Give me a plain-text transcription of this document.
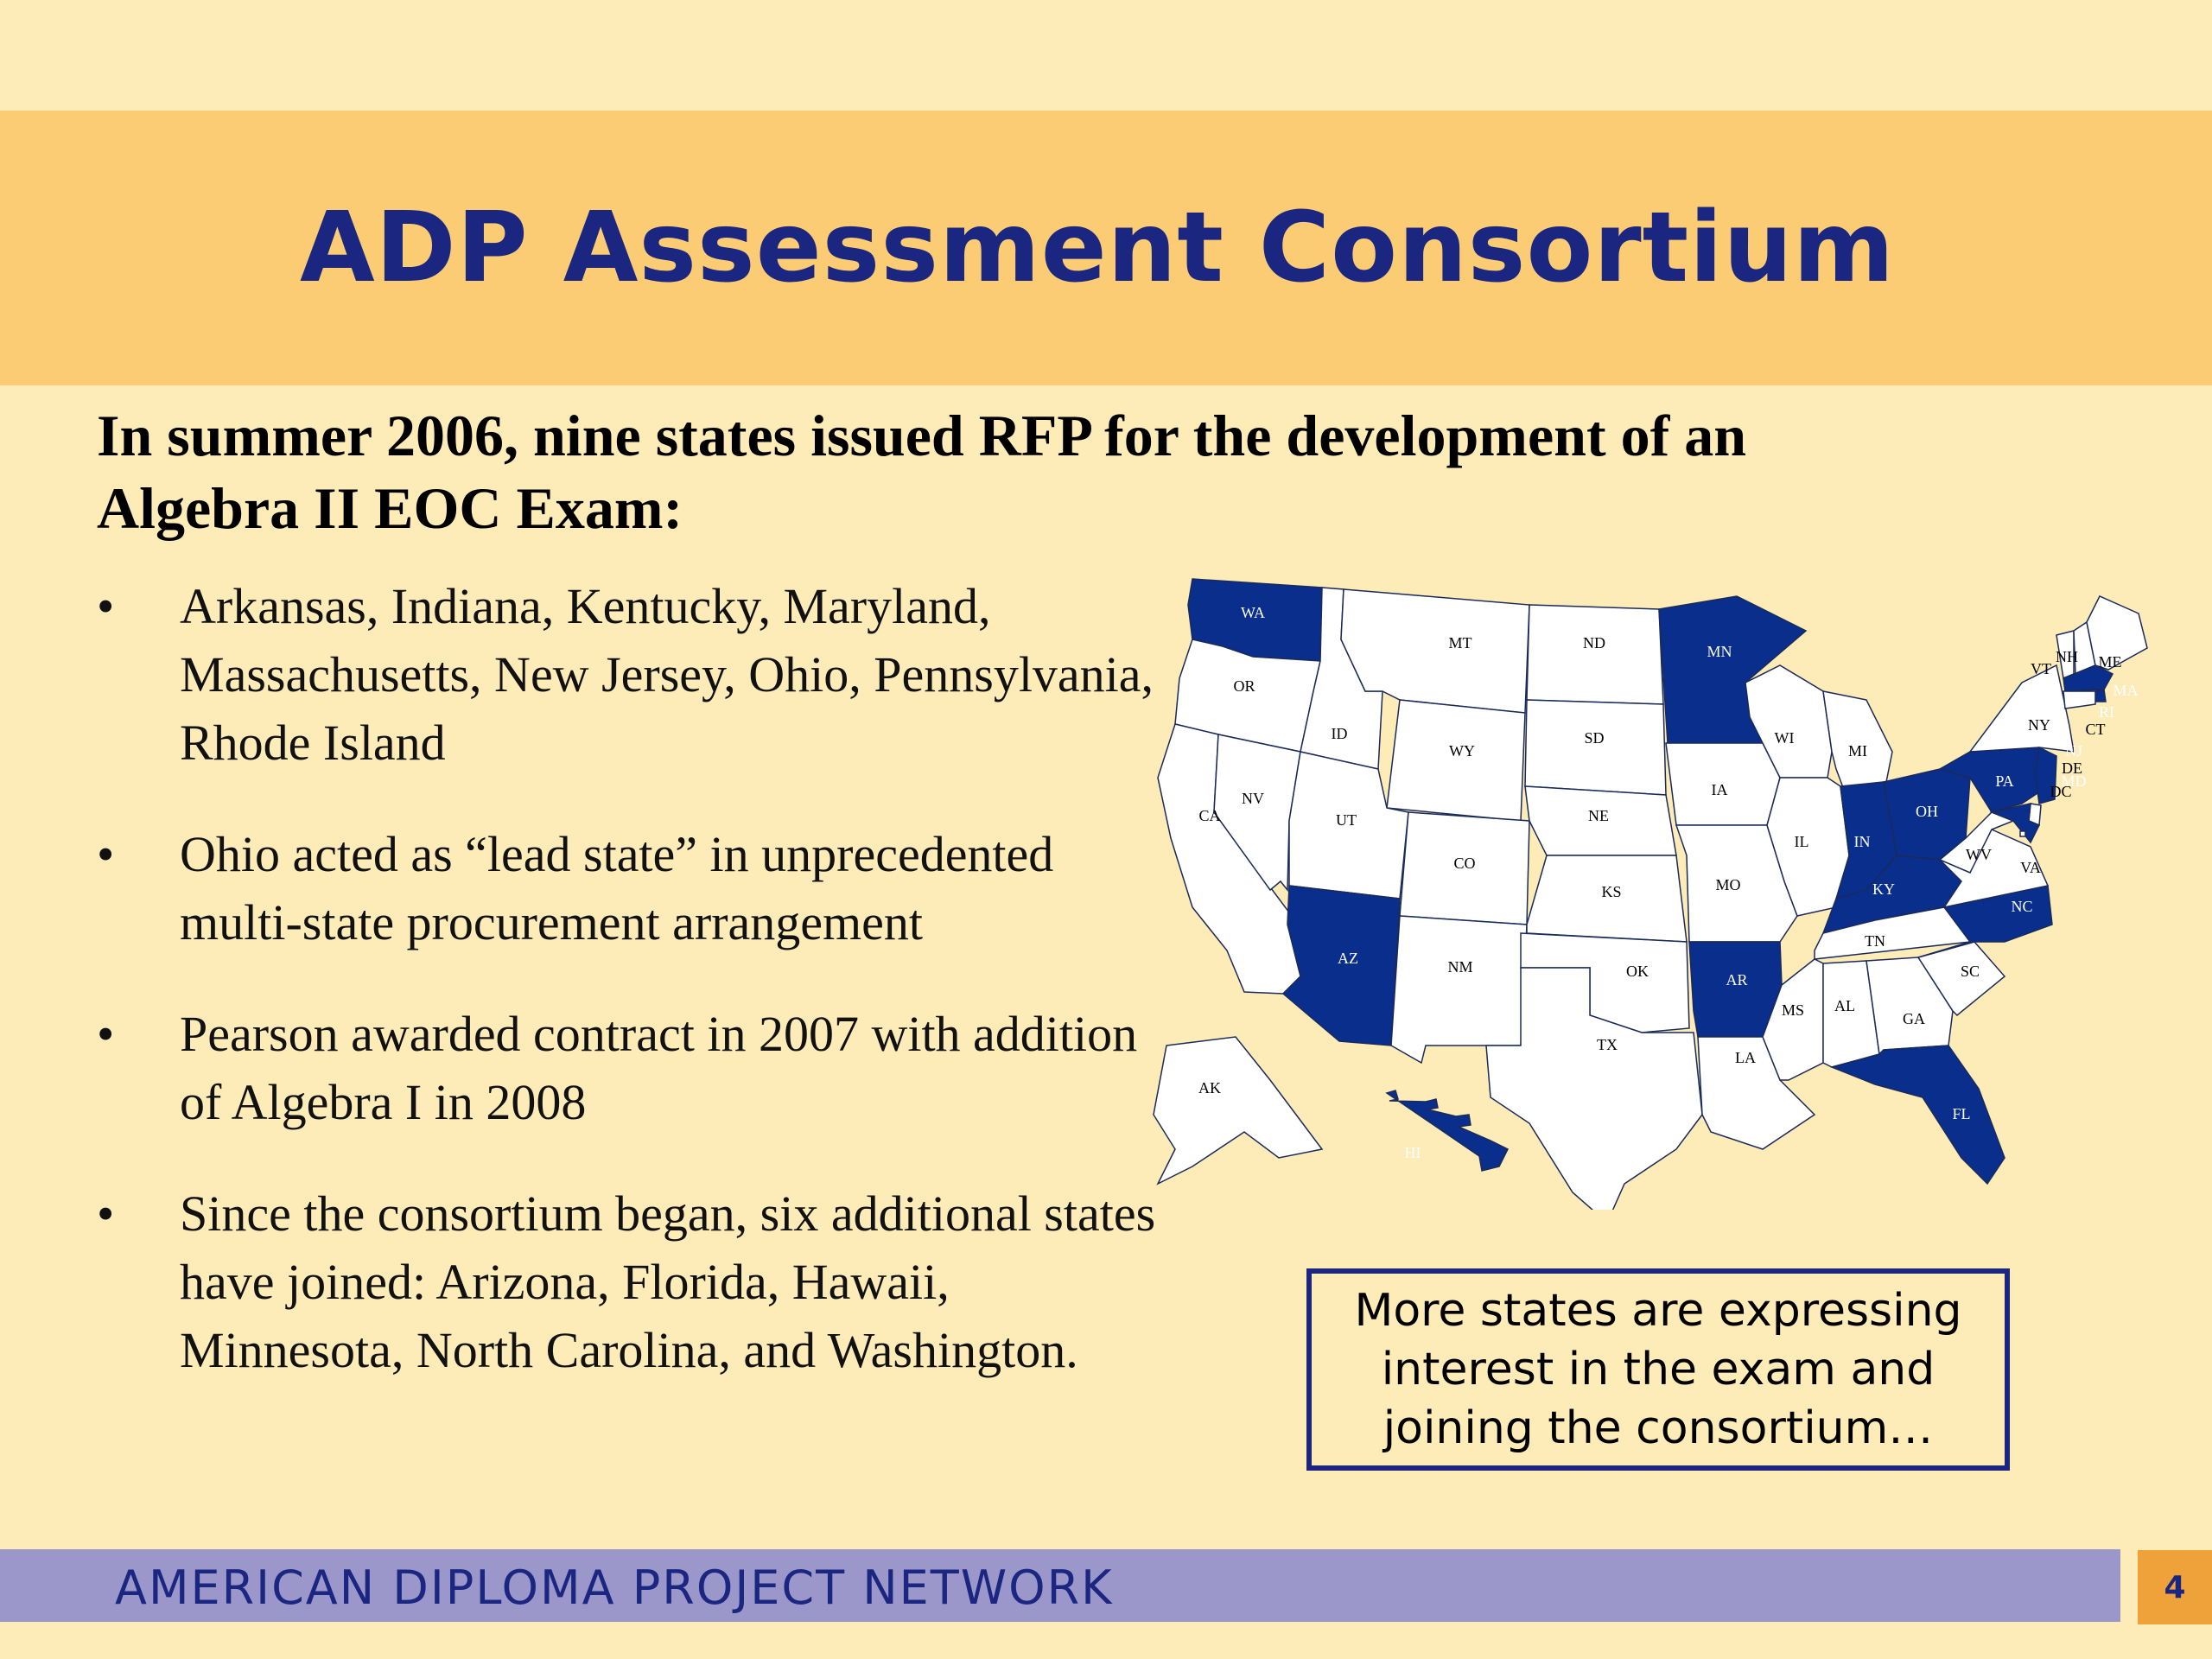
ADP Assessment Consortium

In summer 2006, nine states issued RFP for the development of an Algebra II EOC Exam:

• Arkansas, Indiana, Kentucky, Maryland, Massachusetts, New Jersey, Ohio, Pennsylvania, Rhode Island
• Ohio acted as “lead state” in unprecedented multi-state procurement arrangement
• Pearson awarded contract in 2007 with addition of Algebra I in 2008
• Since the consortium began, six additional states have joined: Arizona, Florida, Hawaii, Minnesota, North Carolina, and Washington.
WA
OR
CA
NV
ID
MT
WY
UT
CO
AZ	NM
ND
SD
NE
KS
OK
TX
MN
IA
MO
AR
LA
WI
IL
MI
IN
OH
KY
TN
MS AL
GA
FL
SC
NC
VA
WV
PA
NY
VT
NH ME
MA
RI
CT
NJ
DE
MD
DC
AK
HI
More states are expressing interest in the exam and joining the consortium…

AMERICAN DIPLOMA PROJECT NETWORK	4
